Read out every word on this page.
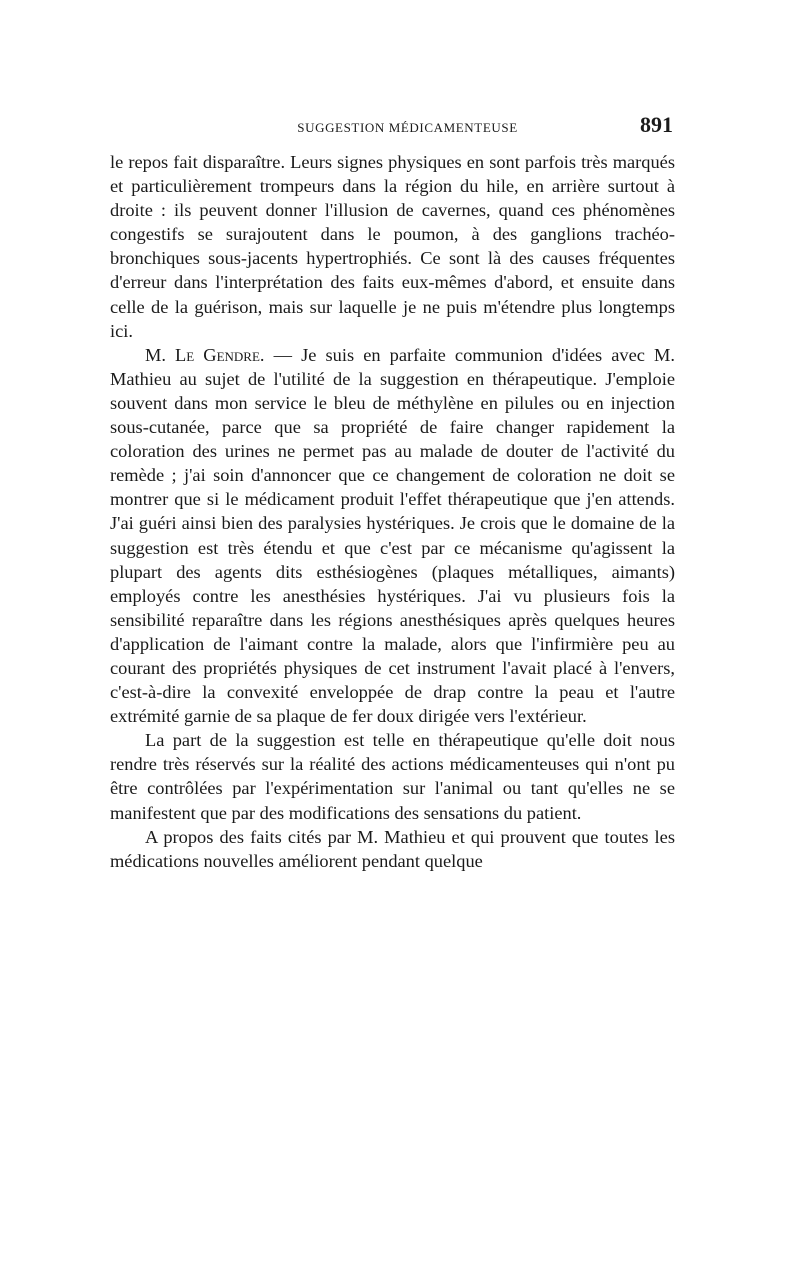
SUGGESTION MÉDICAMENTEUSE	891

le repos fait disparaître. Leurs signes physiques en sont parfois très marqués et particulièrement trompeurs dans la région du hile, en arrière surtout à droite : ils peuvent donner l'illusion de cavernes, quand ces phénomènes congestifs se surajoutent dans le poumon, à des ganglions trachéo-bronchiques sous-jacents hypertrophiés. Ce sont là des causes fréquentes d'erreur dans l'interprétation des faits eux-mêmes d'abord, et ensuite dans celle de la guérison, mais sur laquelle je ne puis m'étendre plus longtemps ici.

M. Le Gendre. — Je suis en parfaite communion d'idées avec M. Mathieu au sujet de l'utilité de la suggestion en thérapeutique. J'emploie souvent dans mon service le bleu de méthylène en pilules ou en injection sous-cutanée, parce que sa propriété de faire changer rapidement la coloration des urines ne permet pas au malade de douter de l'activité du remède ; j'ai soin d'annoncer que ce changement de coloration ne doit se montrer que si le médicament produit l'effet thérapeutique que j'en attends. J'ai guéri ainsi bien des paralysies hystériques. Je crois que le domaine de la suggestion est très étendu et que c'est par ce mécanisme qu'agissent la plupart des agents dits esthésiogènes (plaques métalliques, aimants) employés contre les anesthésies hystériques. J'ai vu plusieurs fois la sensibilité reparaître dans les régions anesthésiques après quelques heures d'application de l'aimant contre la malade, alors que l'infirmière peu au courant des propriétés physiques de cet instrument l'avait placé à l'envers, c'est-à-dire la convexité enveloppée de drap contre la peau et l'autre extrémité garnie de sa plaque de fer doux dirigée vers l'extérieur.

La part de la suggestion est telle en thérapeutique qu'elle doit nous rendre très réservés sur la réalité des actions médicamenteuses qui n'ont pu être contrôlées par l'expérimentation sur l'animal ou tant qu'elles ne se manifestent que par des modifications des sensations du patient.

A propos des faits cités par M. Mathieu et qui prouvent que toutes les médications nouvelles améliorent pendant quelque
